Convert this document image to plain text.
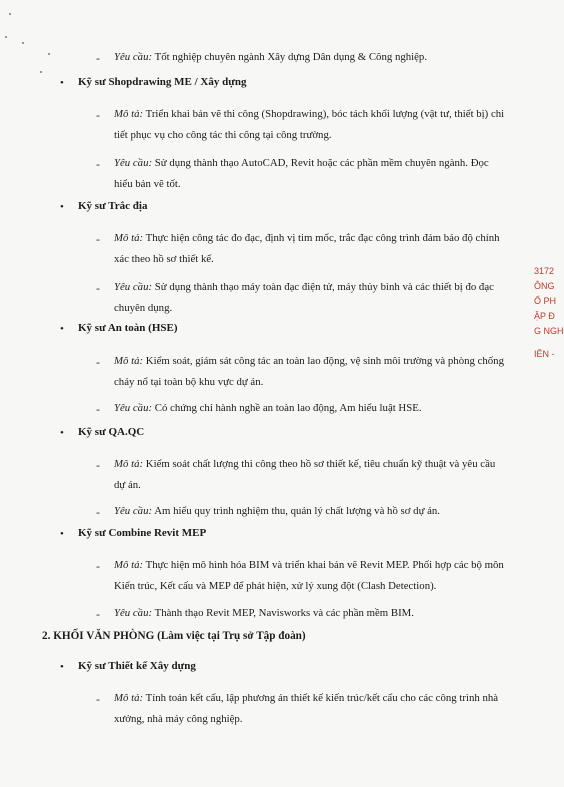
- Yêu cầu: Tốt nghiệp chuyên ngành Xây dựng Dân dụng & Công nghiệp.
• Kỹ sư Shopdrawing ME / Xây dựng
- Mô tả: Triển khai bản vẽ thi công (Shopdrawing), bóc tách khối lượng (vật tư, thiết bị) chi tiết phục vụ cho công tác thi công tại công trường.
- Yêu cầu: Sử dụng thành thạo AutoCAD, Revit hoặc các phần mềm chuyên ngành. Đọc hiểu bản vẽ tốt.
• Kỹ sư Trắc địa
- Mô tả: Thực hiện công tác đo đạc, định vị tim mốc, trắc đạc công trình đảm bảo độ chính xác theo hồ sơ thiết kế.
- Yêu cầu: Sử dụng thành thạo máy toàn đạc điện tử, máy thủy bình và các thiết bị đo đạc chuyên dụng.
• Kỹ sư An toàn (HSE)
- Mô tả: Kiểm soát, giám sát công tác an toàn lao động, vệ sinh môi trường và phòng chống cháy nổ tại toàn bộ khu vực dự án.
- Yêu cầu: Có chứng chỉ hành nghề an toàn lao động, Am hiểu luật HSE.
• Kỹ sư QA.QC
- Mô tả: Kiểm soát chất lượng thi công theo hồ sơ thiết kế, tiêu chuẩn kỹ thuật và yêu cầu dự án.
- Yêu cầu: Am hiểu quy trình nghiệm thu, quản lý chất lượng và hồ sơ dự án.
• Kỹ sư Combine Revit MEP
- Mô tả: Thực hiện mô hình hóa BIM và triển khai bản vẽ Revit MEP. Phối hợp các bộ môn Kiến trúc, Kết cấu và MEP để phát hiện, xử lý xung đột (Clash Detection).
- Yêu cầu: Thành thạo Revit MEP, Navisworks và các phần mềm BIM.
2. KHỐI VĂN PHÒNG (Làm việc tại Trụ sở Tập đoàn)
• Kỹ sư Thiết kế Xây dựng
- Mô tả: Tính toán kết cấu, lập phương án thiết kế kiến trúc/kết cấu cho các công trình nhà xưởng, nhà máy công nghiệp.
3172
ÔNG
Ổ PH
ẬP Đ
G NGH
IÊN -
